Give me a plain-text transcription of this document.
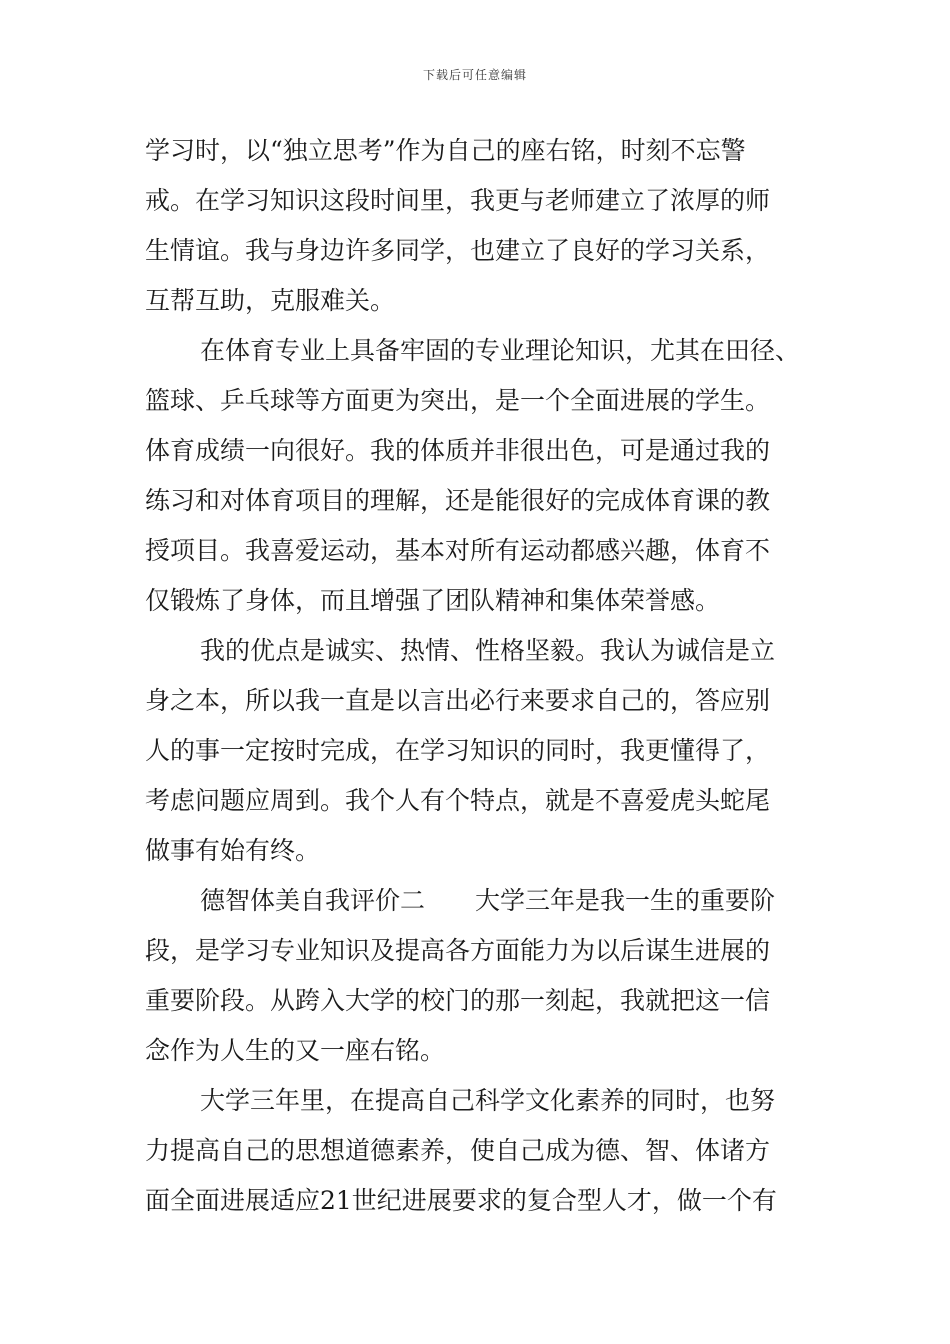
下载后可任意编辑
学习时，以“独立思考”作为自己的座右铭，时刻不忘警
戒。在学习知识这段时间里，我更与老师建立了浓厚的师
生情谊。我与身边许多同学，也建立了良好的学习关系，
互帮互助，克服难关。
在体育专业上具备牢固的专业理论知识，尤其在田径、
篮球、乒乓球等方面更为突出，是一个全面进展的学生。
体育成绩一向很好。我的体质并非很出色，可是通过我的
练习和对体育项目的理解，还是能很好的完成体育课的教
授项目。我喜爱运动，基本对所有运动都感兴趣，体育不
仅锻炼了身体，而且增强了团队精神和集体荣誉感。
我的优点是诚实、热情、性格坚毅。我认为诚信是立
身之本，所以我一直是以言出必行来要求自己的，答应别
人的事一定按时完成，在学习知识的同时，我更懂得了，
考虑问题应周到。我个人有个特点，就是不喜爱虎头蛇尾
做事有始有终。
德智体美自我评价二　　大学三年是我一生的重要阶
段，是学习专业知识及提高各方面能力为以后谋生进展的
重要阶段。从跨入大学的校门的那一刻起，我就把这一信
念作为人生的又一座右铭。
大学三年里，在提高自己科学文化素养的同时，也努
力提高自己的思想道德素养，使自己成为德、智、体诸方
面全面进展适应21世纪进展要求的复合型人才，做一个有
